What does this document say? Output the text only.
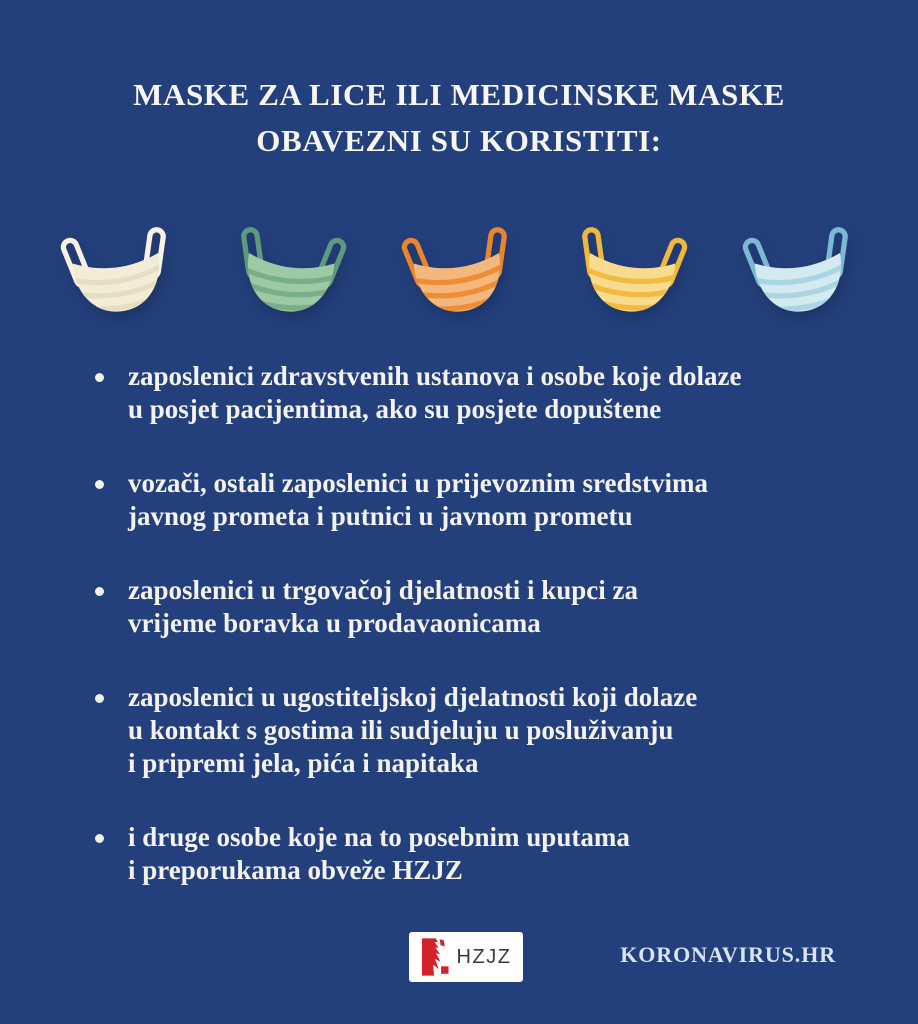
MASKE ZA LICE ILI MEDICINSKE MASKE
OBAVEZNI SU KORISTITI:
zaposlenici zdravstvenih ustanova i osobe koje dolaze
u posjet pacijentima, ako su posjete dopuštene
vozači, ostali zaposlenici u prijevoznim sredstvima
javnog prometa i putnici u javnom prometu
zaposlenici u trgovačoj djelatnosti i kupci za
vrijeme boravka u prodavaonicama
zaposlenici u ugostiteljskoj djelatnosti koji dolaze
u kontakt s gostima ili sudjeluju u posluživanju
i pripremi jela, pića i napitaka
i druge osobe koje na to posebnim uputama
i preporukama obveže HZJZ
HZJZ	KORONAVIRUS.HR
